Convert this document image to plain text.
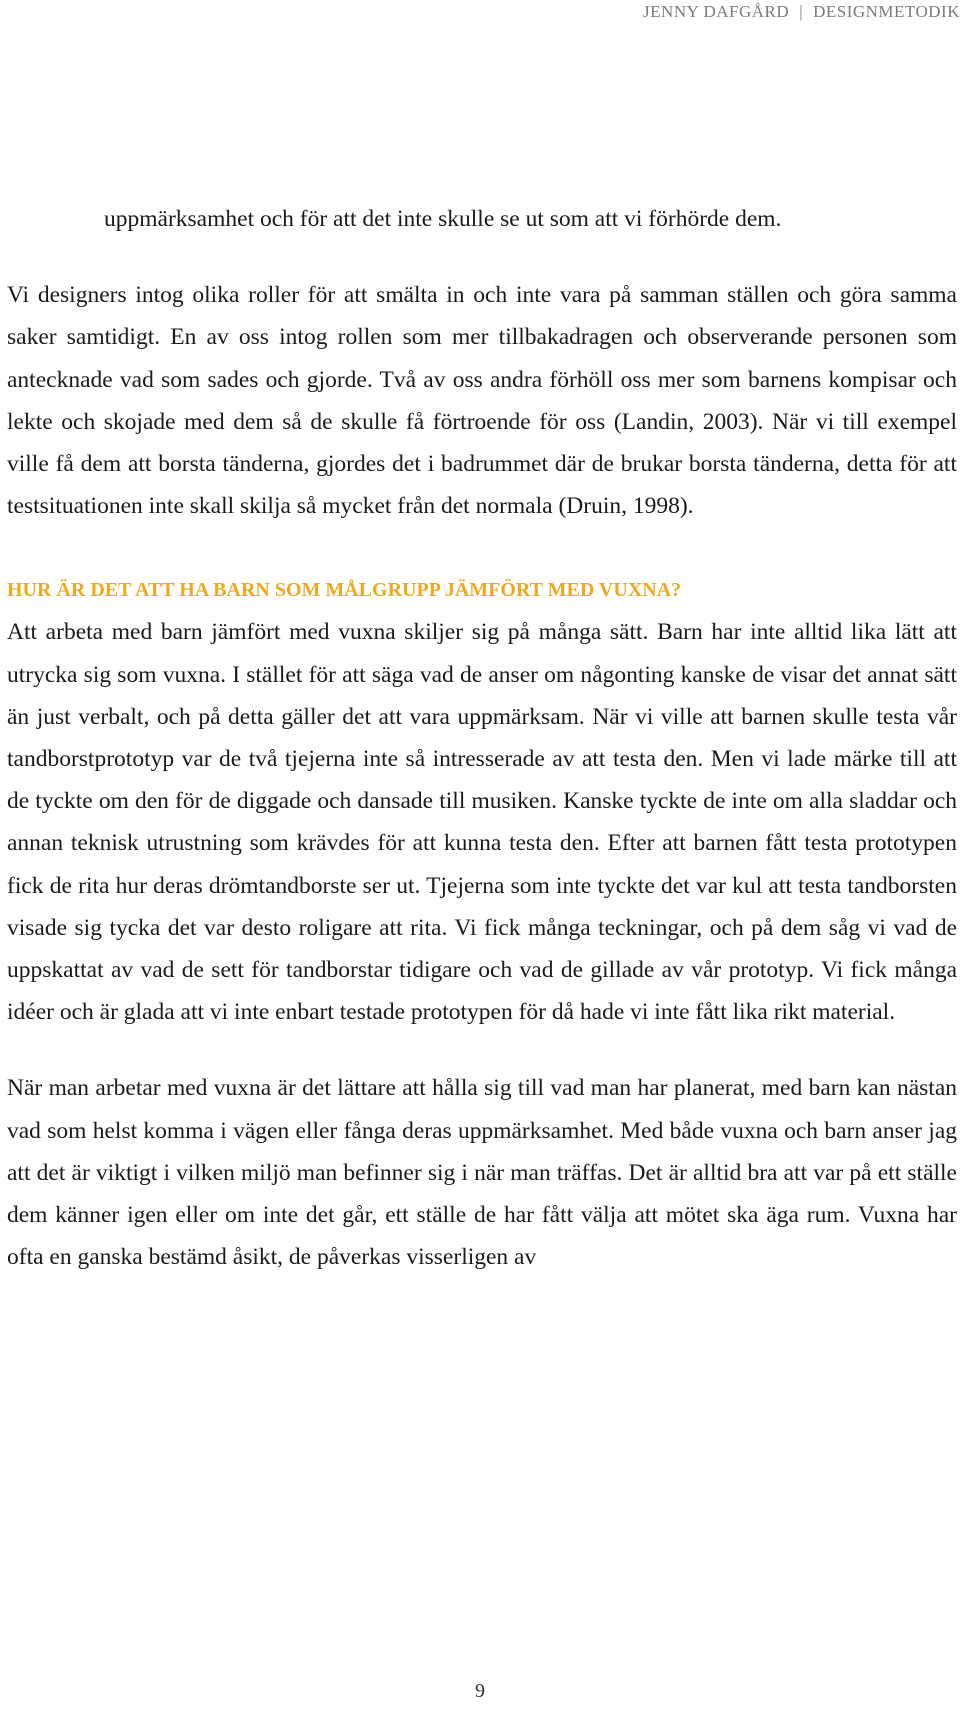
JENNY DAFGÅRD | DESIGNMETODIK

uppmärksamhet och för att det inte skulle se ut som att vi förhörde dem.

Vi designers intog olika roller för att smälta in och inte vara på samman ställen och göra samma saker samtidigt. En av oss intog rollen som mer tillbakadragen och observerande personen som antecknade vad som sades och gjorde. Två av oss andra förhöll oss mer som barnens kompisar och lekte och skojade med dem så de skulle få förtroende för oss (Landin, 2003). När vi till exempel ville få dem att borsta tänderna, gjordes det i badrummet där de brukar borsta tänderna, detta för att testsituationen inte skall skilja så mycket från det normala (Druin, 1998).

HUR ÄR DET ATT HA BARN SOM MÅLGRUPP JÄMFÖRT MED VUXNA?

Att arbeta med barn jämfört med vuxna skiljer sig på många sätt. Barn har inte alltid lika lätt att utrycka sig som vuxna. I stället för att säga vad de anser om någonting kanske de visar det annat sätt än just verbalt, och på detta gäller det att vara uppmärksam. När vi ville att barnen skulle testa vår tandborstprototyp var de två tjejerna inte så intresserade av att testa den. Men vi lade märke till att de tyckte om den för de diggade och dansade till musiken. Kanske tyckte de inte om alla sladdar och annan teknisk utrustning som krävdes för att kunna testa den. Efter att barnen fått testa prototypen fick de rita hur deras drömtandborste ser ut. Tjejerna som inte tyckte det var kul att testa tandborsten visade sig tycka det var desto roligare att rita. Vi fick många teckningar, och på dem såg vi vad de uppskattat av vad de sett för tandborstar tidigare och vad de gillade av vår prototyp. Vi fick många idéer och är glada att vi inte enbart testade prototypen för då hade vi inte fått lika rikt material.

När man arbetar med vuxna är det lättare att hålla sig till vad man har planerat, med barn kan nästan vad som helst komma i vägen eller fånga deras uppmärksamhet. Med både vuxna och barn anser jag att det är viktigt i vilken miljö man befinner sig i när man träffas. Det är alltid bra att var på ett ställe dem känner igen eller om inte det går, ett ställe de har fått välja att mötet ska äga rum. Vuxna har ofta en ganska bestämd åsikt, de påverkas visserligen av

9
